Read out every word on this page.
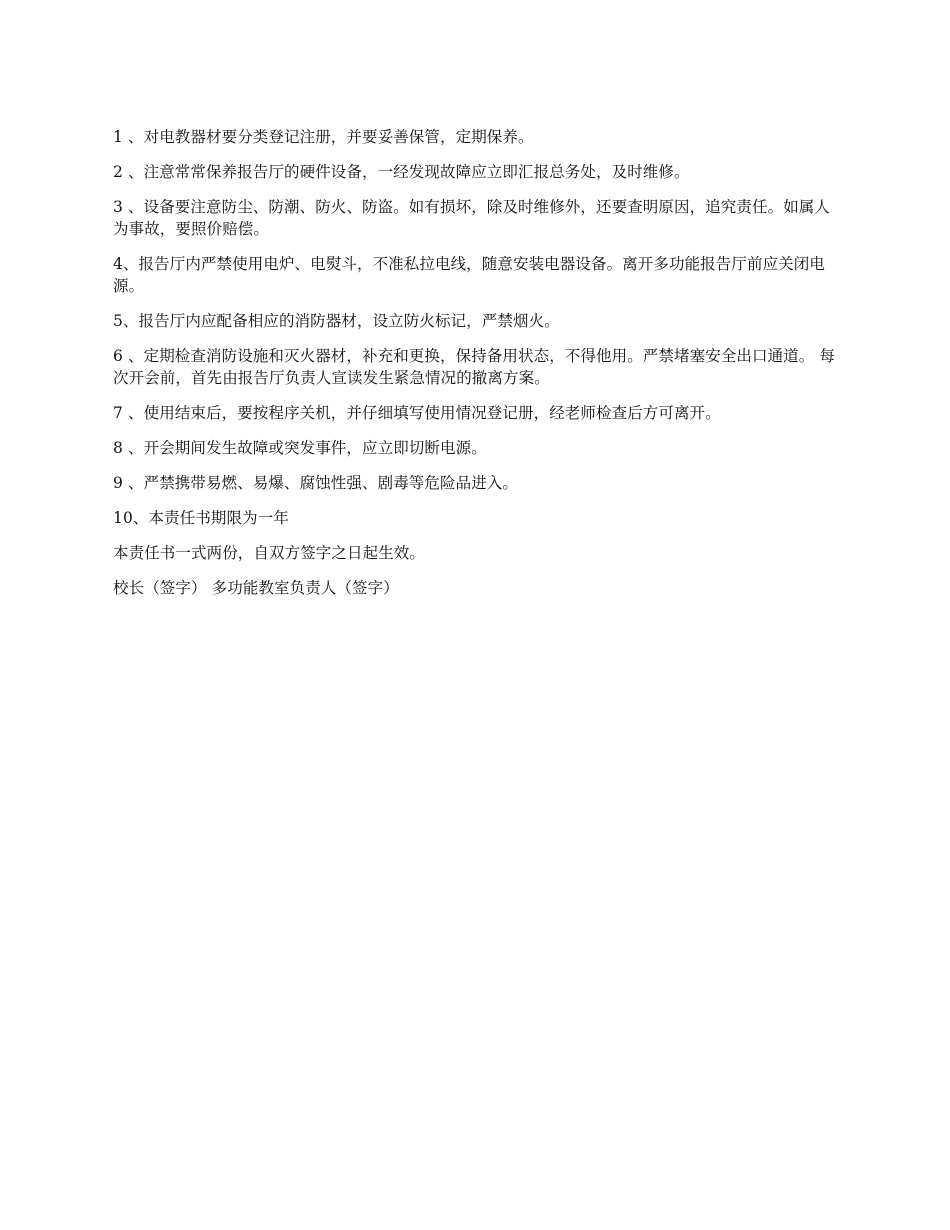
1 、对电教器材要分类登记注册，并要妥善保管，定期保养。

2 、注意常常保养报告厅的硬件设备，一经发现故障应立即汇报总务处，及时维修。

3 、设备要注意防尘、防潮、防火、防盗。如有损坏，除及时维修外，还要查明原因，追究责任。如属人为事故，要照价赔偿。

4、报告厅内严禁使用电炉、电熨斗，不准私拉电线，随意安装电器设备。离开多功能报告厅前应关闭电源。

5、报告厅内应配备相应的消防器材，设立防火标记，严禁烟火。

6 、定期检查消防设施和灭火器材，补充和更换，保持备用状态，不得他用。严禁堵塞安全出口通道。 每次开会前，首先由报告厅负责人宣读发生紧急情况的撤离方案。

7 、使用结束后，要按程序关机，并仔细填写使用情况登记册，经老师检查后方可离开。

8 、开会期间发生故障或突发事件，应立即切断电源。

9 、严禁携带易燃、易爆、腐蚀性强、剧毒等危险品进入。

10、本责任书期限为一年

本责任书一式两份，自双方签字之日起生效。

校长（签字） 多功能教室负责人（签字）
